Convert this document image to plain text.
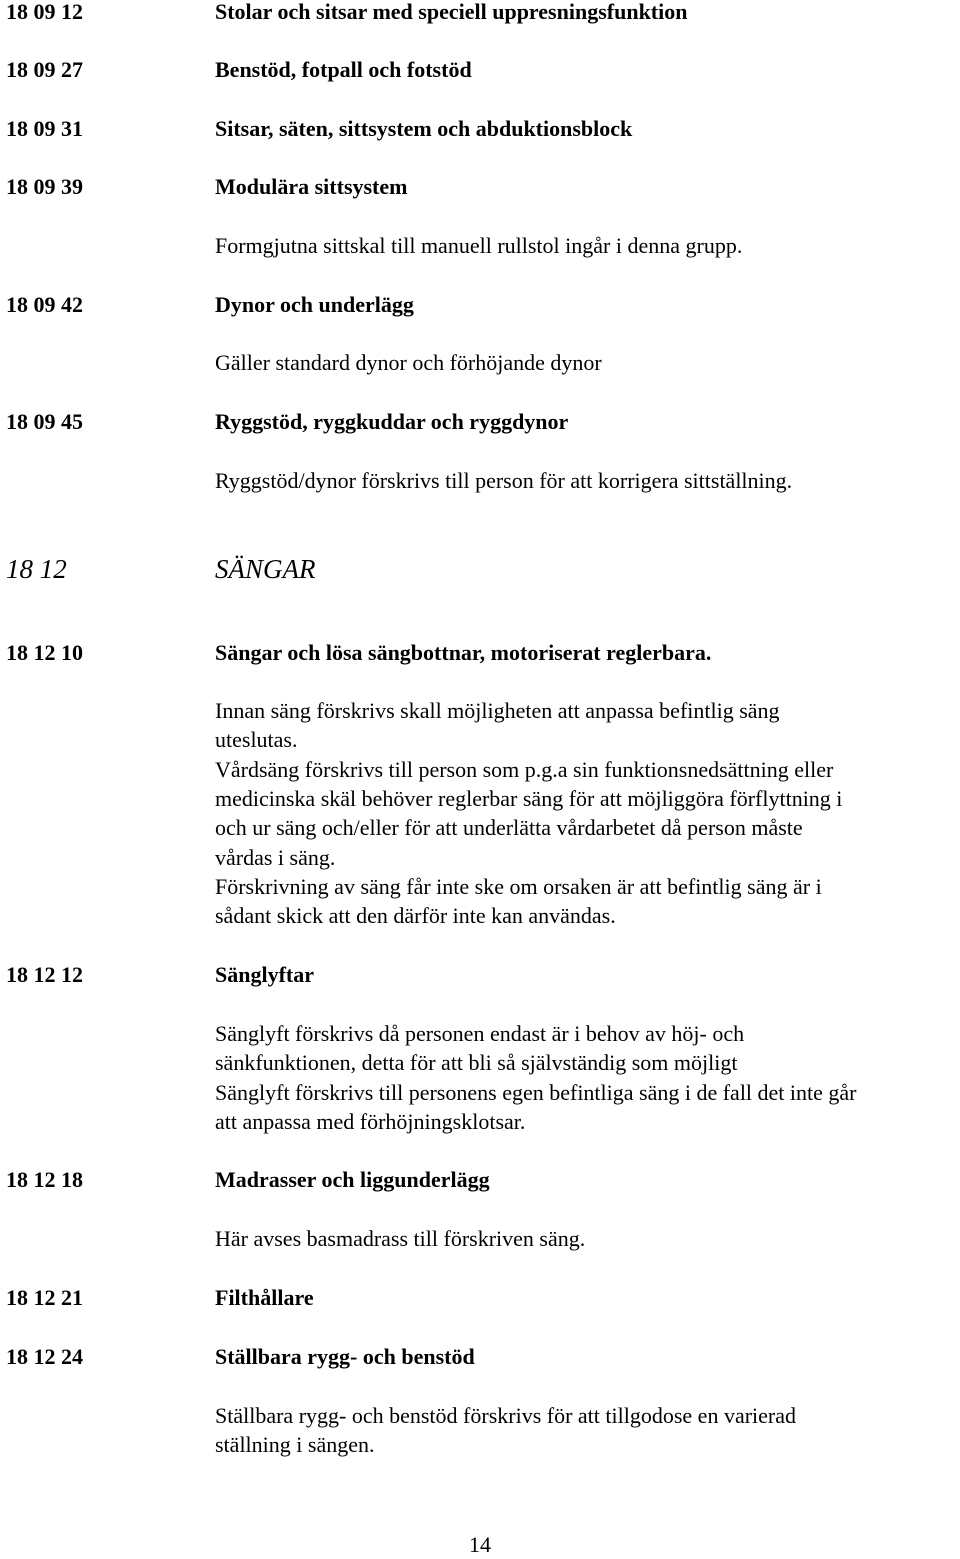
18 09 12	Stolar och sitsar med speciell uppresningsfunktion
18 09 27	Benstöd, fotpall och fotstöd
18 09 31	Sitsar, säten, sittsystem och abduktionsblock
18 09 39	Modulära sittsystem
Formgjutna sittskal till manuell rullstol ingår i denna grupp.
18 09 42	Dynor och underlägg
Gäller standard dynor och förhöjande dynor
18 09 45	Ryggstöd, ryggkuddar och ryggdynor
Ryggstöd/dynor förskrivs till person för att korrigera sittställning.
18 12	SÄNGAR
18 12 10	Sängar och lösa sängbottnar, motoriserat reglerbara.
Innan säng förskrivs skall möjligheten att anpassa befintlig säng
uteslutas.
Vårdsäng förskrivs till person som p.g.a sin funktionsnedsättning eller
medicinska skäl behöver reglerbar säng för att möjliggöra förflyttning i
och ur säng och/eller för att underlätta vårdarbetet då person måste
vårdas i säng.
Förskrivning av säng får inte ske om orsaken är att befintlig säng är i
sådant skick att den därför inte kan användas.
18 12 12	Sänglyftar
Sänglyft förskrivs då personen endast är i behov av höj- och
sänkfunktionen, detta för att bli så självständig som möjligt
Sänglyft förskrivs till personens egen befintliga säng i de fall det inte går
att anpassa med förhöjningsklotsar.
18 12 18	Madrasser och liggunderlägg
Här avses basmadrass till förskriven säng.
18 12 21	Filthållare
18 12 24	Ställbara rygg- och benstöd
Ställbara rygg- och benstöd förskrivs för att tillgodose en varierad
ställning i sängen.
14
